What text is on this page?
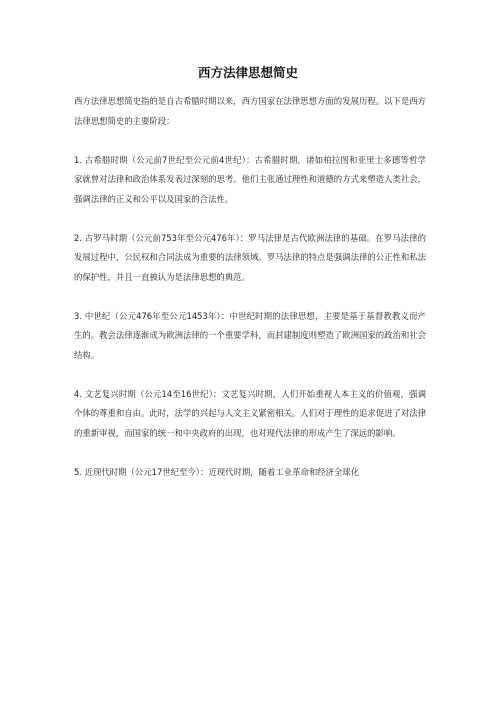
西方法律思想简史

西方法律思想简史指的是自古希腊时期以来，西方国家在法律思想方面的发展历程。以下是西方法律思想简史的主要阶段：

1. 古希腊时期（公元前7世纪至公元前4世纪）：古希腊时期，诸如柏拉图和亚里士多德等哲学家就曾对法律和政治体系发表过深刻的思考。他们主张通过理性和道德的方式来塑造人类社会，强调法律的正义和公平以及国家的合法性。

2. 古罗马时期（公元前753年至公元476年）：罗马法律是古代欧洲法律的基础。在罗马法律的发展过程中，公民权和合同法成为重要的法律领域。罗马法律的特点是强调法律的公正性和私法的保护性，并且一直被认为是法律思想的典范。

3. 中世纪（公元476年至公元1453年）：中世纪时期的法律思想，主要是基于基督教教义而产生的。教会法律逐渐成为欧洲法律的一个重要学科，而封建制度则塑造了欧洲国家的政治和社会结构。

4. 文艺复兴时期（公元14至16世纪）：文艺复兴时期，人们开始重视人本主义的价值观，强调个体的尊重和自由。此时，法学的兴起与人文主义紧密相关。人们对于理性的追求促进了对法律的重新审视，而国家的统一和中央政府的出现，也对现代法律的形成产生了深远的影响。

5. 近现代时期（公元17世纪至今）：近现代时期，随着工业革命和经济全球化
